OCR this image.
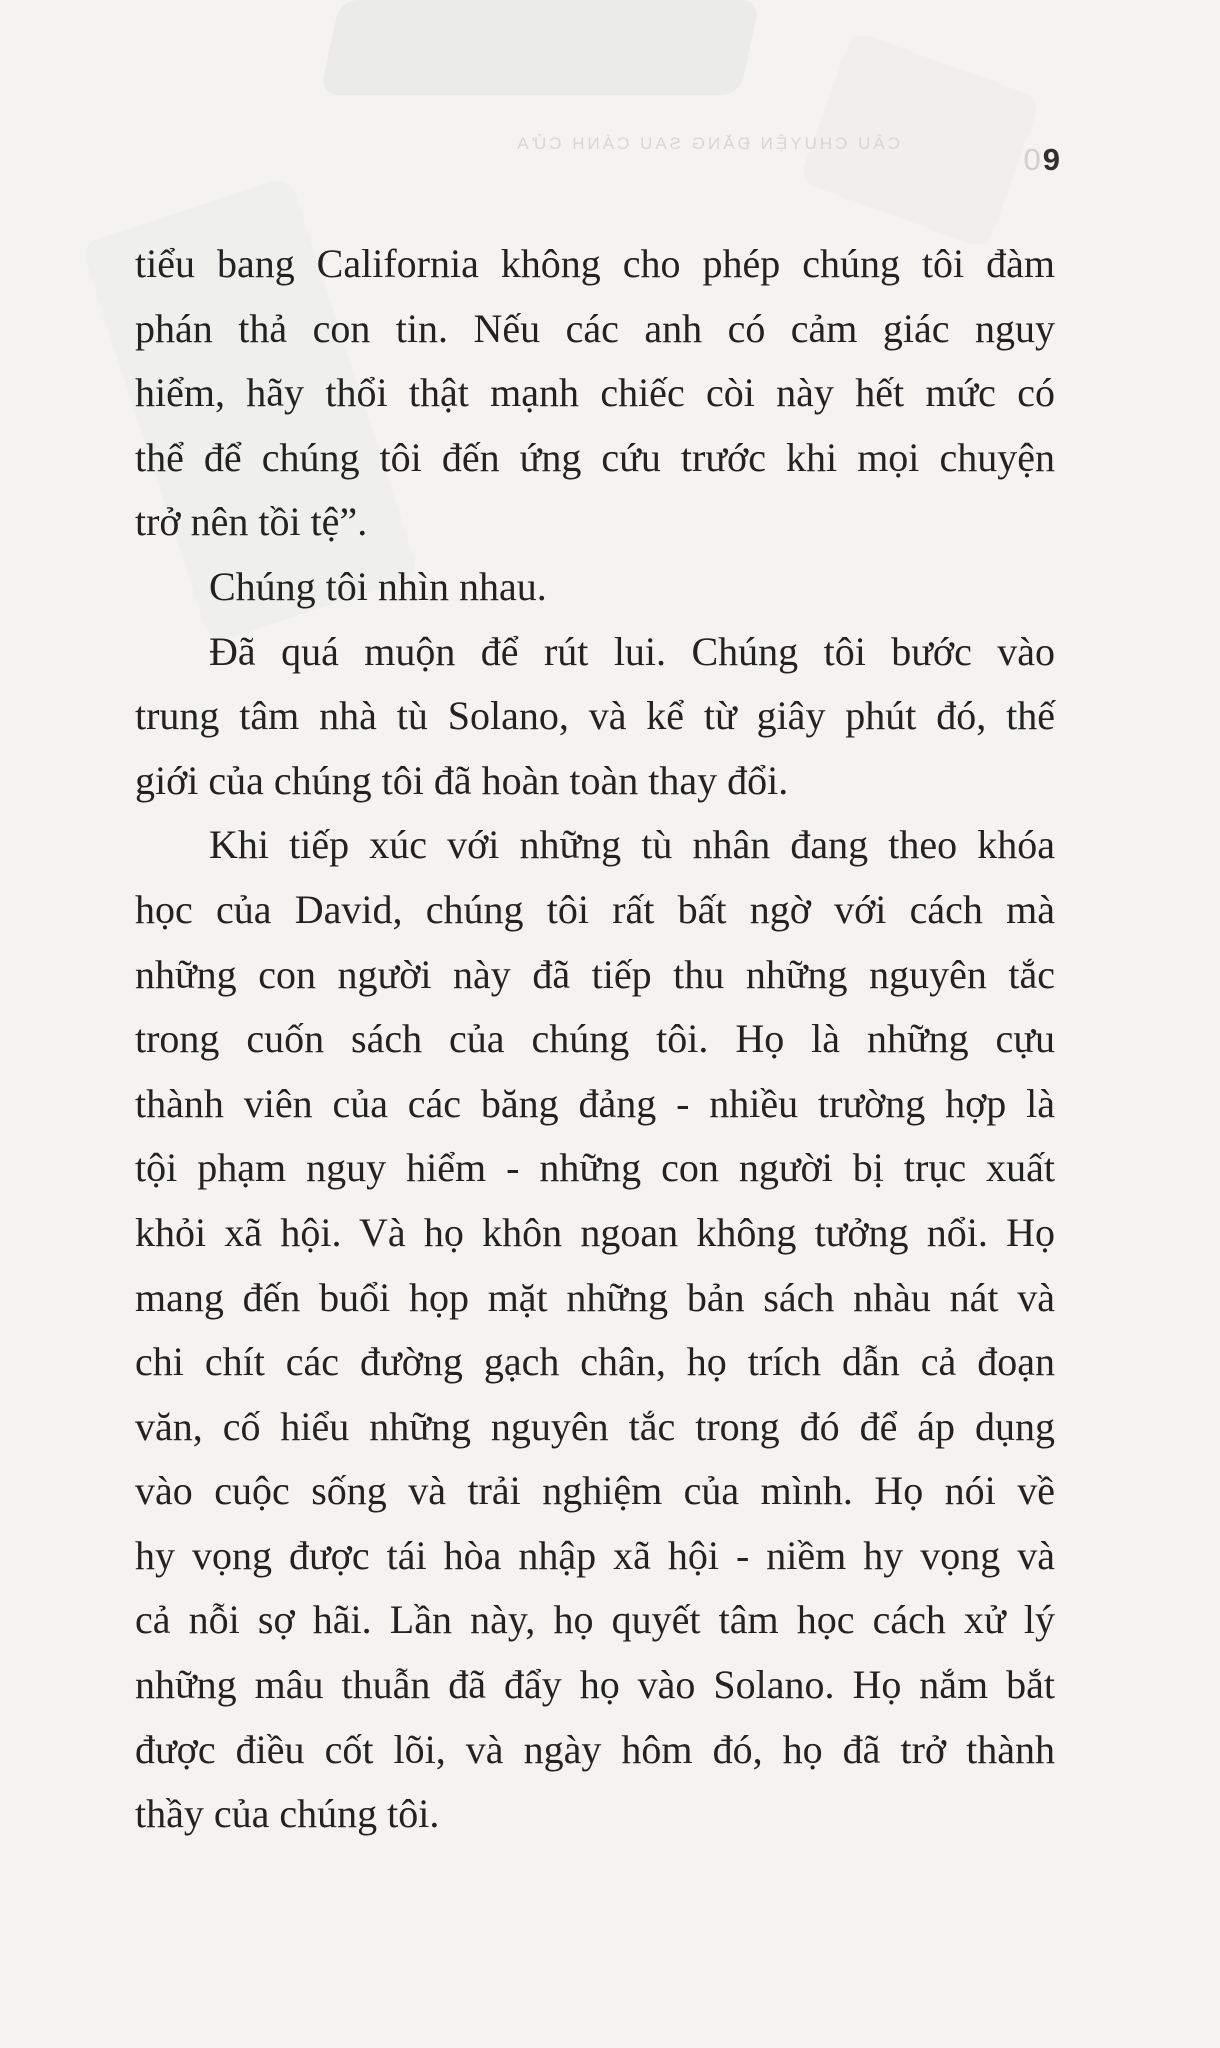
CÂU CHUYỆN ĐẰNG SAU CÁNH CỬA	09
tiểu bang California không cho phép chúng tôi đàm
phán thả con tin. Nếu các anh có cảm giác nguy
hiểm, hãy thổi thật mạnh chiếc còi này hết mức có
thể để chúng tôi đến ứng cứu trước khi mọi chuyện
trở nên tồi tệ”.
Chúng tôi nhìn nhau.
Đã quá muộn để rút lui. Chúng tôi bước vào
trung tâm nhà tù Solano, và kể từ giây phút đó, thế
giới của chúng tôi đã hoàn toàn thay đổi.
Khi tiếp xúc với những tù nhân đang theo khóa
học của David, chúng tôi rất bất ngờ với cách mà
những con người này đã tiếp thu những nguyên tắc
trong cuốn sách của chúng tôi. Họ là những cựu
thành viên của các băng đảng - nhiều trường hợp là
tội phạm nguy hiểm - những con người bị trục xuất
khỏi xã hội. Và họ khôn ngoan không tưởng nổi. Họ
mang đến buổi họp mặt những bản sách nhàu nát và
chi chít các đường gạch chân, họ trích dẫn cả đoạn
văn, cố hiểu những nguyên tắc trong đó để áp dụng
vào cuộc sống và trải nghiệm của mình. Họ nói về
hy vọng được tái hòa nhập xã hội - niềm hy vọng và
cả nỗi sợ hãi. Lần này, họ quyết tâm học cách xử lý
những mâu thuẫn đã đẩy họ vào Solano. Họ nắm bắt
được điều cốt lõi, và ngày hôm đó, họ đã trở thành
thầy của chúng tôi.
